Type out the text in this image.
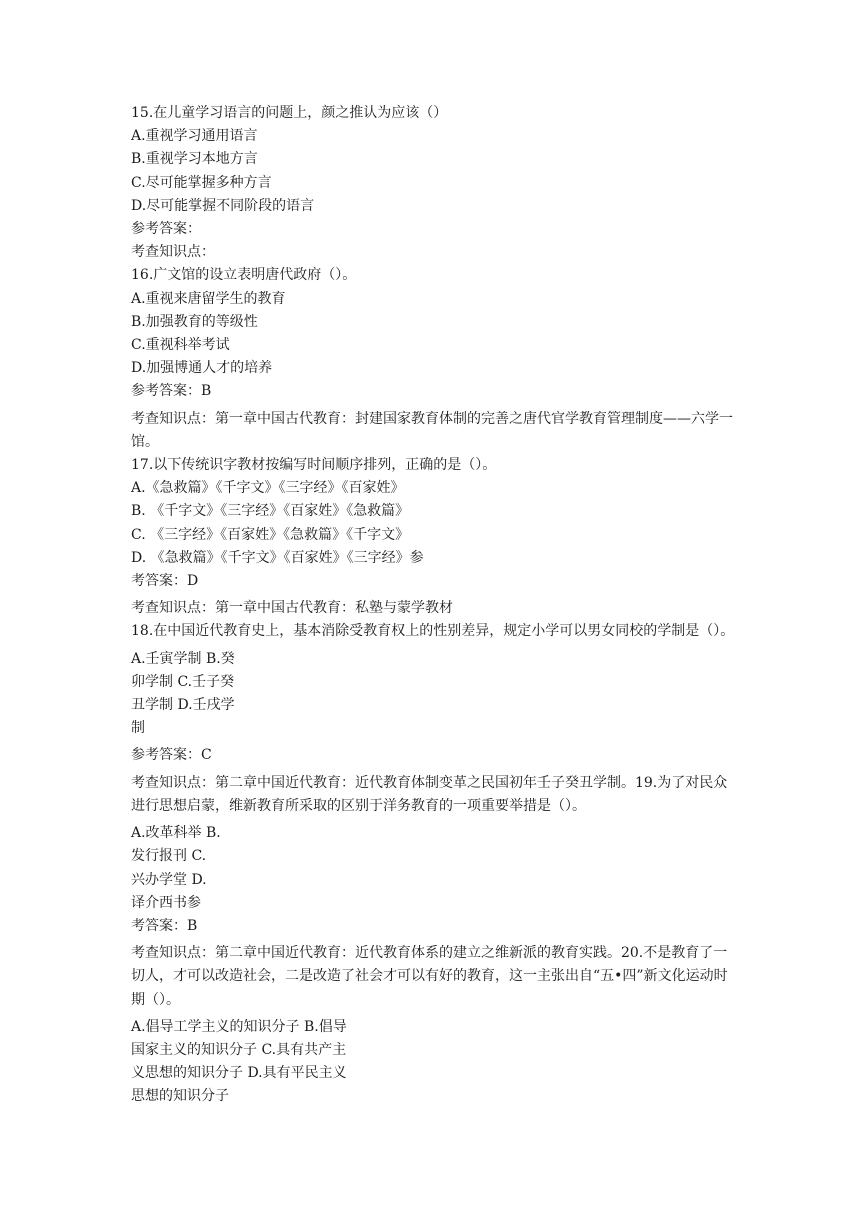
15.在儿童学习语言的问题上，颜之推认为应该（）
A.重视学习通用语言
B.重视学习本地方言
C.尽可能掌握多种方言
D.尽可能掌握不同阶段的语言
参考答案：
考查知识点：
16.广文馆的设立表明唐代政府（）。
A.重视来唐留学生的教育
B.加强教育的等级性
C.重视科举考试
D.加强博通人才的培养
参考答案：B
考查知识点：第一章中国古代教育：封建国家教育体制的完善之唐代官学教育管理制度——六学一馆。
17.以下传统识字教材按编写时间顺序排列，正确的是（）。
A.《急救篇》《千字文》《三字经》《百家姓》
B. 《千字文》《三字经》《百家姓》《急救篇》
C. 《三字经》《百家姓》《急救篇》《千字文》
D. 《急救篇》《千字文》《百家姓》《三字经》参
考答案：D
考查知识点：第一章中国古代教育：私塾与蒙学教材
18.在中国近代教育史上，基本消除受教育权上的性别差异，规定小学可以男女同校的学制是（）。
A.壬寅学制 B.癸
卯学制 C.壬子癸
丑学制 D.壬戌学
制
参考答案：C
考查知识点：第二章中国近代教育：近代教育体制变革之民国初年壬子癸丑学制。19.为了对民众进行思想启蒙，维新教育所采取的区别于洋务教育的一项重要举措是（）。
A.改革科举 B.
发行报刊 C.
兴办学堂 D.
译介西书参
考答案：B
考查知识点：第二章中国近代教育：近代教育体系的建立之维新派的教育实践。20.不是教育了一切人，才可以改造社会，二是改造了社会才可以有好的教育，这一主张出自“五•四”新文化运动时期（）。
A.倡导工学主义的知识分子 B.倡导
国家主义的知识分子 C.具有共产主
义思想的知识分子 D.具有平民主义
思想的知识分子
